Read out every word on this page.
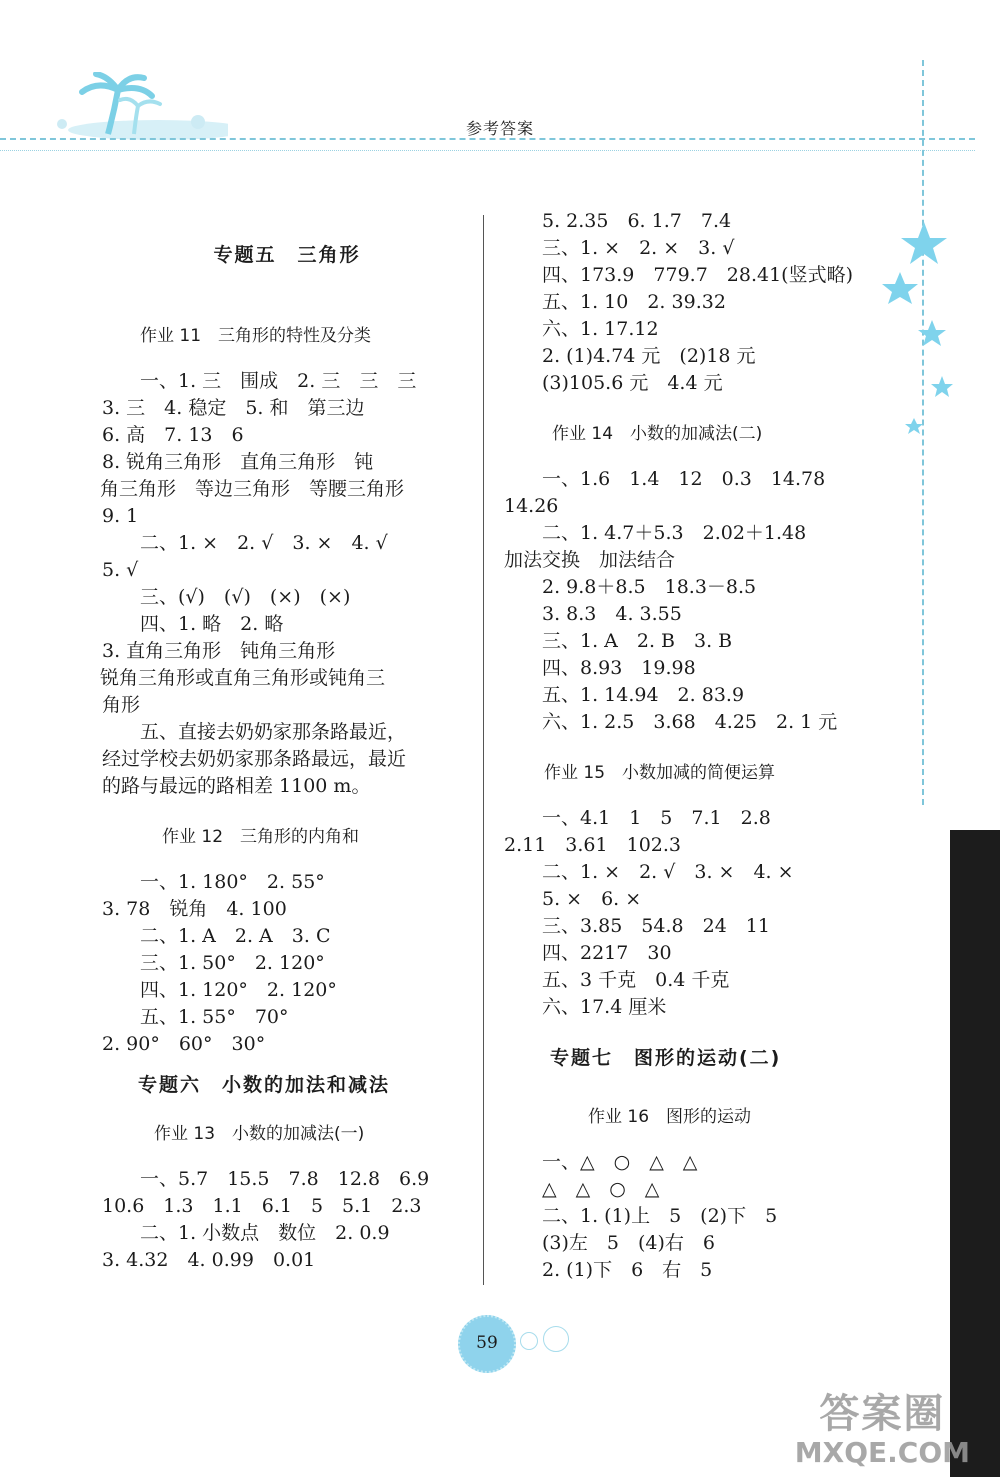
参考答案

专题五　三角形

作业 11　三角形的特性及分类

一、1. 三　围成　2. 三　三　三

3. 三　4. 稳定　5. 和　第三边

6. 高　7. 13　6

8. 锐角三角形　直角三角形　钝

角三角形　等边三角形　等腰三角形

9. 1

二、1. ×　2. √　3. ×　4. √

5. √

三、(√)　(√)　(×)　(×)

四、1. 略　2. 略

3. 直角三角形　钝角三角形

锐角三角形或直角三角形或钝角三

角形

五、直接去奶奶家那条路最近，

经过学校去奶奶家那条路最远，最近

的路与最远的路相差 1100 m。

作业 12　三角形的内角和

一、1. 180°　2. 55°

3. 78　锐角　4. 100

二、1. A　2. A　3. C

三、1. 50°　2. 120°

四、1. 120°　2. 120°

五、1. 55°　70°

2. 90°　60°　30°

专题六　小数的加法和减法

作业 13　小数的加减法(一)

一、5.7　15.5　7.8　12.8　6.9

10.6　1.3　1.1　6.1　5　5.1　2.3

二、1. 小数点　数位　2. 0.9

3. 4.32　4. 0.99　0.01

5. 2.35　6. 1.7　7.4

三、1. ×　2. ×　3. √

四、173.9　779.7　28.41(竖式略)

五、1. 10　2. 39.32

六、1. 17.12

2. (1)4.74 元　(2)18 元

(3)105.6 元　4.4 元

作业 14　小数的加减法(二)

一、1.6　1.4　12　0.3　14.78

14.26

二、1. 4.7＋5.3　2.02＋1.48

加法交换　加法结合

2. 9.8＋8.5　18.3－8.5

3. 8.3　4. 3.55

三、1. A　2. B　3. B

四、8.93　19.98

五、1. 14.94　2. 83.9

六、1. 2.5　3.68　4.25　2. 1 元

作业 15　小数加减的简便运算

一、4.1　1　5　7.1　2.8

2.11　3.61　102.3

二、1. ×　2. √　3. ×　4. ×

5. ×　6. ×

三、3.85　54.8　24　11

四、2217　30

五、3 千克　0.4 千克

六、17.4 厘米

专题七　图形的运动(二)

作业 16　图形的运动

一、△　○　△　△

△　△　○　△

二、1. (1)上　5　(2)下　5

(3)左　5　(4)右　6

2. (1)下　6　右　5

59
答案圈
MXQE.COM
